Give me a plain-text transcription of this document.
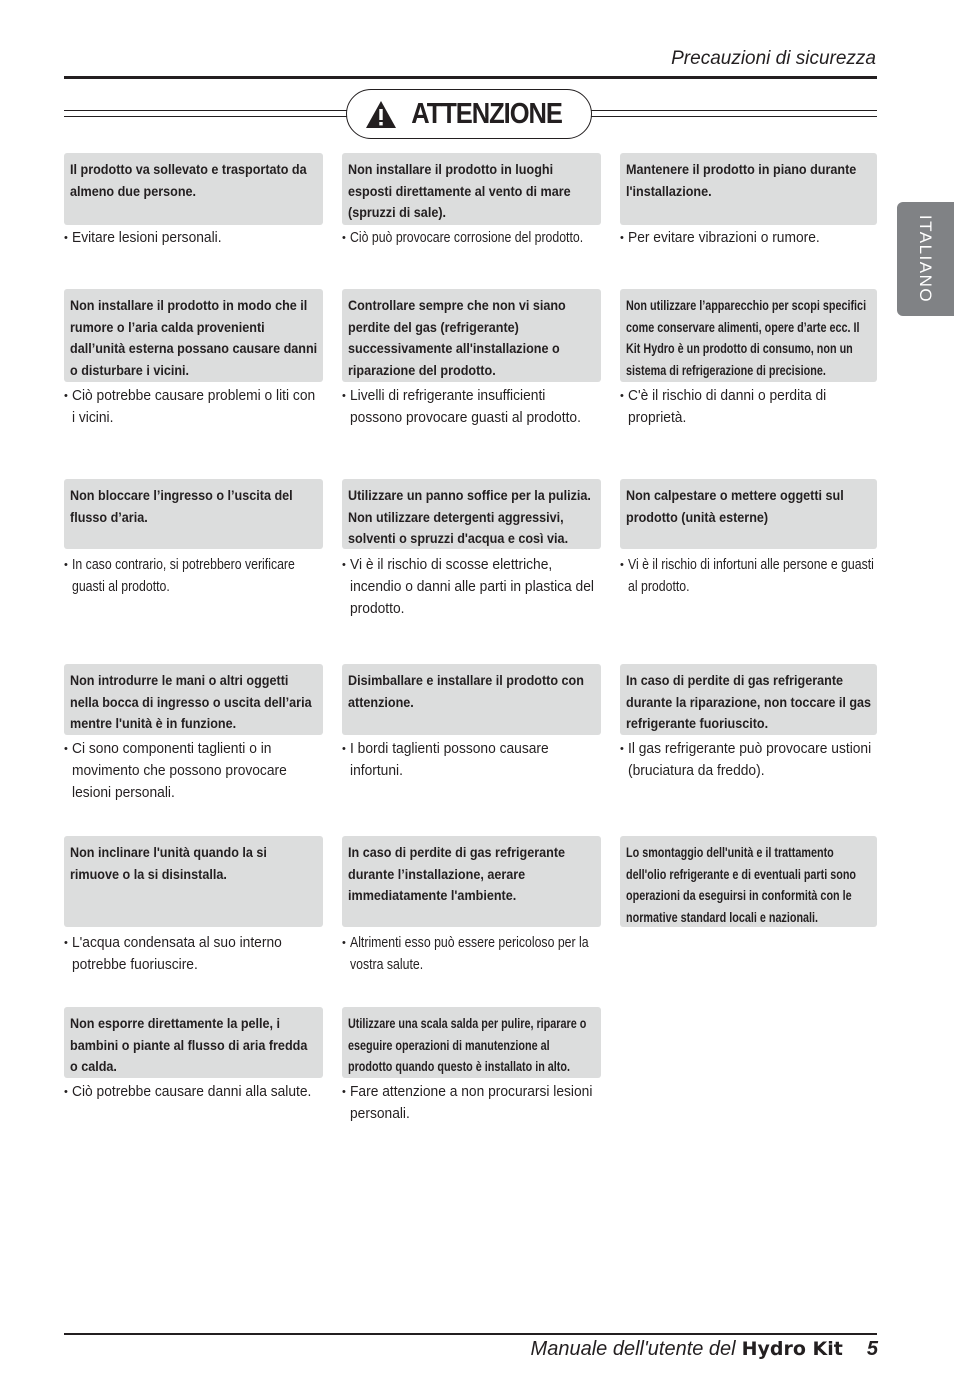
Precauzioni di sicurezza
ATTENZIONE
ITALIANO
Il prodotto va sollevato e trasportato da almeno due persone.
• Evitare lesioni personali.
Non installare il prodotto in luoghi esposti direttamente al vento di mare (spruzzi di sale).
• Ciò può provocare corrosione del prodotto.
Mantenere il prodotto in piano durante l'installazione.
• Per evitare vibrazioni o rumore.
Non installare il prodotto in modo che il rumore o l’aria calda provenienti dall’unità esterna possano causare danni o disturbare i vicini.
• Ciò potrebbe causare problemi o liti con i vicini.
Controllare sempre che non vi siano perdite del gas (refrigerante) successivamente all'installazione o riparazione del prodotto.
• Livelli di refrigerante insufficienti possono provocare guasti al prodotto.
Non utilizzare l’apparecchio per scopi specifici come conservare alimenti, opere d’arte ecc. Il Kit Hydro è un prodotto di consumo, non un sistema di refrigerazione di precisione.
• C'è il rischio di danni o perdita di proprietà.
Non bloccare l’ingresso o l’uscita del flusso d’aria.
• In caso contrario, si potrebbero verificare guasti al prodotto.
Utilizzare un panno soffice per la pulizia. Non utilizzare detergenti aggressivi, solventi o spruzzi d'acqua e così via.
• Vi è il rischio di scosse elettriche, incendio o danni alle parti in plastica del prodotto.
Non calpestare o mettere oggetti sul prodotto (unità esterne)
• Vi è il rischio di infortuni alle persone e guasti al prodotto.
Non introdurre le mani o altri oggetti nella bocca di ingresso o uscita dell’aria mentre l'unità è in funzione.
• Ci sono componenti taglienti o in movimento che possono provocare lesioni personali.
Disimballare e installare il prodotto con attenzione.
• I bordi taglienti possono causare infortuni.
In caso di perdite di gas refrigerante durante la riparazione, non toccare il gas refrigerante fuoriuscito.
• Il gas refrigerante può provocare ustioni (bruciatura da freddo).
Non inclinare l'unità quando la si rimuove o la si disinstalla.
• L'acqua condensata al suo interno potrebbe fuoriuscire.
In caso di perdite di gas refrigerante durante l’installazione, aerare immediatamente l'ambiente.
• Altrimenti esso può essere pericoloso per la vostra salute.
Lo smontaggio dell'unità e il trattamento dell'olio refrigerante e di eventuali parti sono operazioni da eseguirsi in conformità con le normative standard locali e nazionali.
Non esporre direttamente la pelle, i bambini o piante al flusso di aria fredda o calda.
• Ciò potrebbe causare danni alla salute.
Utilizzare una scala salda per pulire, riparare o eseguire operazioni di manutenzione al prodotto quando questo è installato in alto.
• Fare attenzione a non procurarsi lesioni personali.
Manuale dell'utente del Hydro Kit 5
